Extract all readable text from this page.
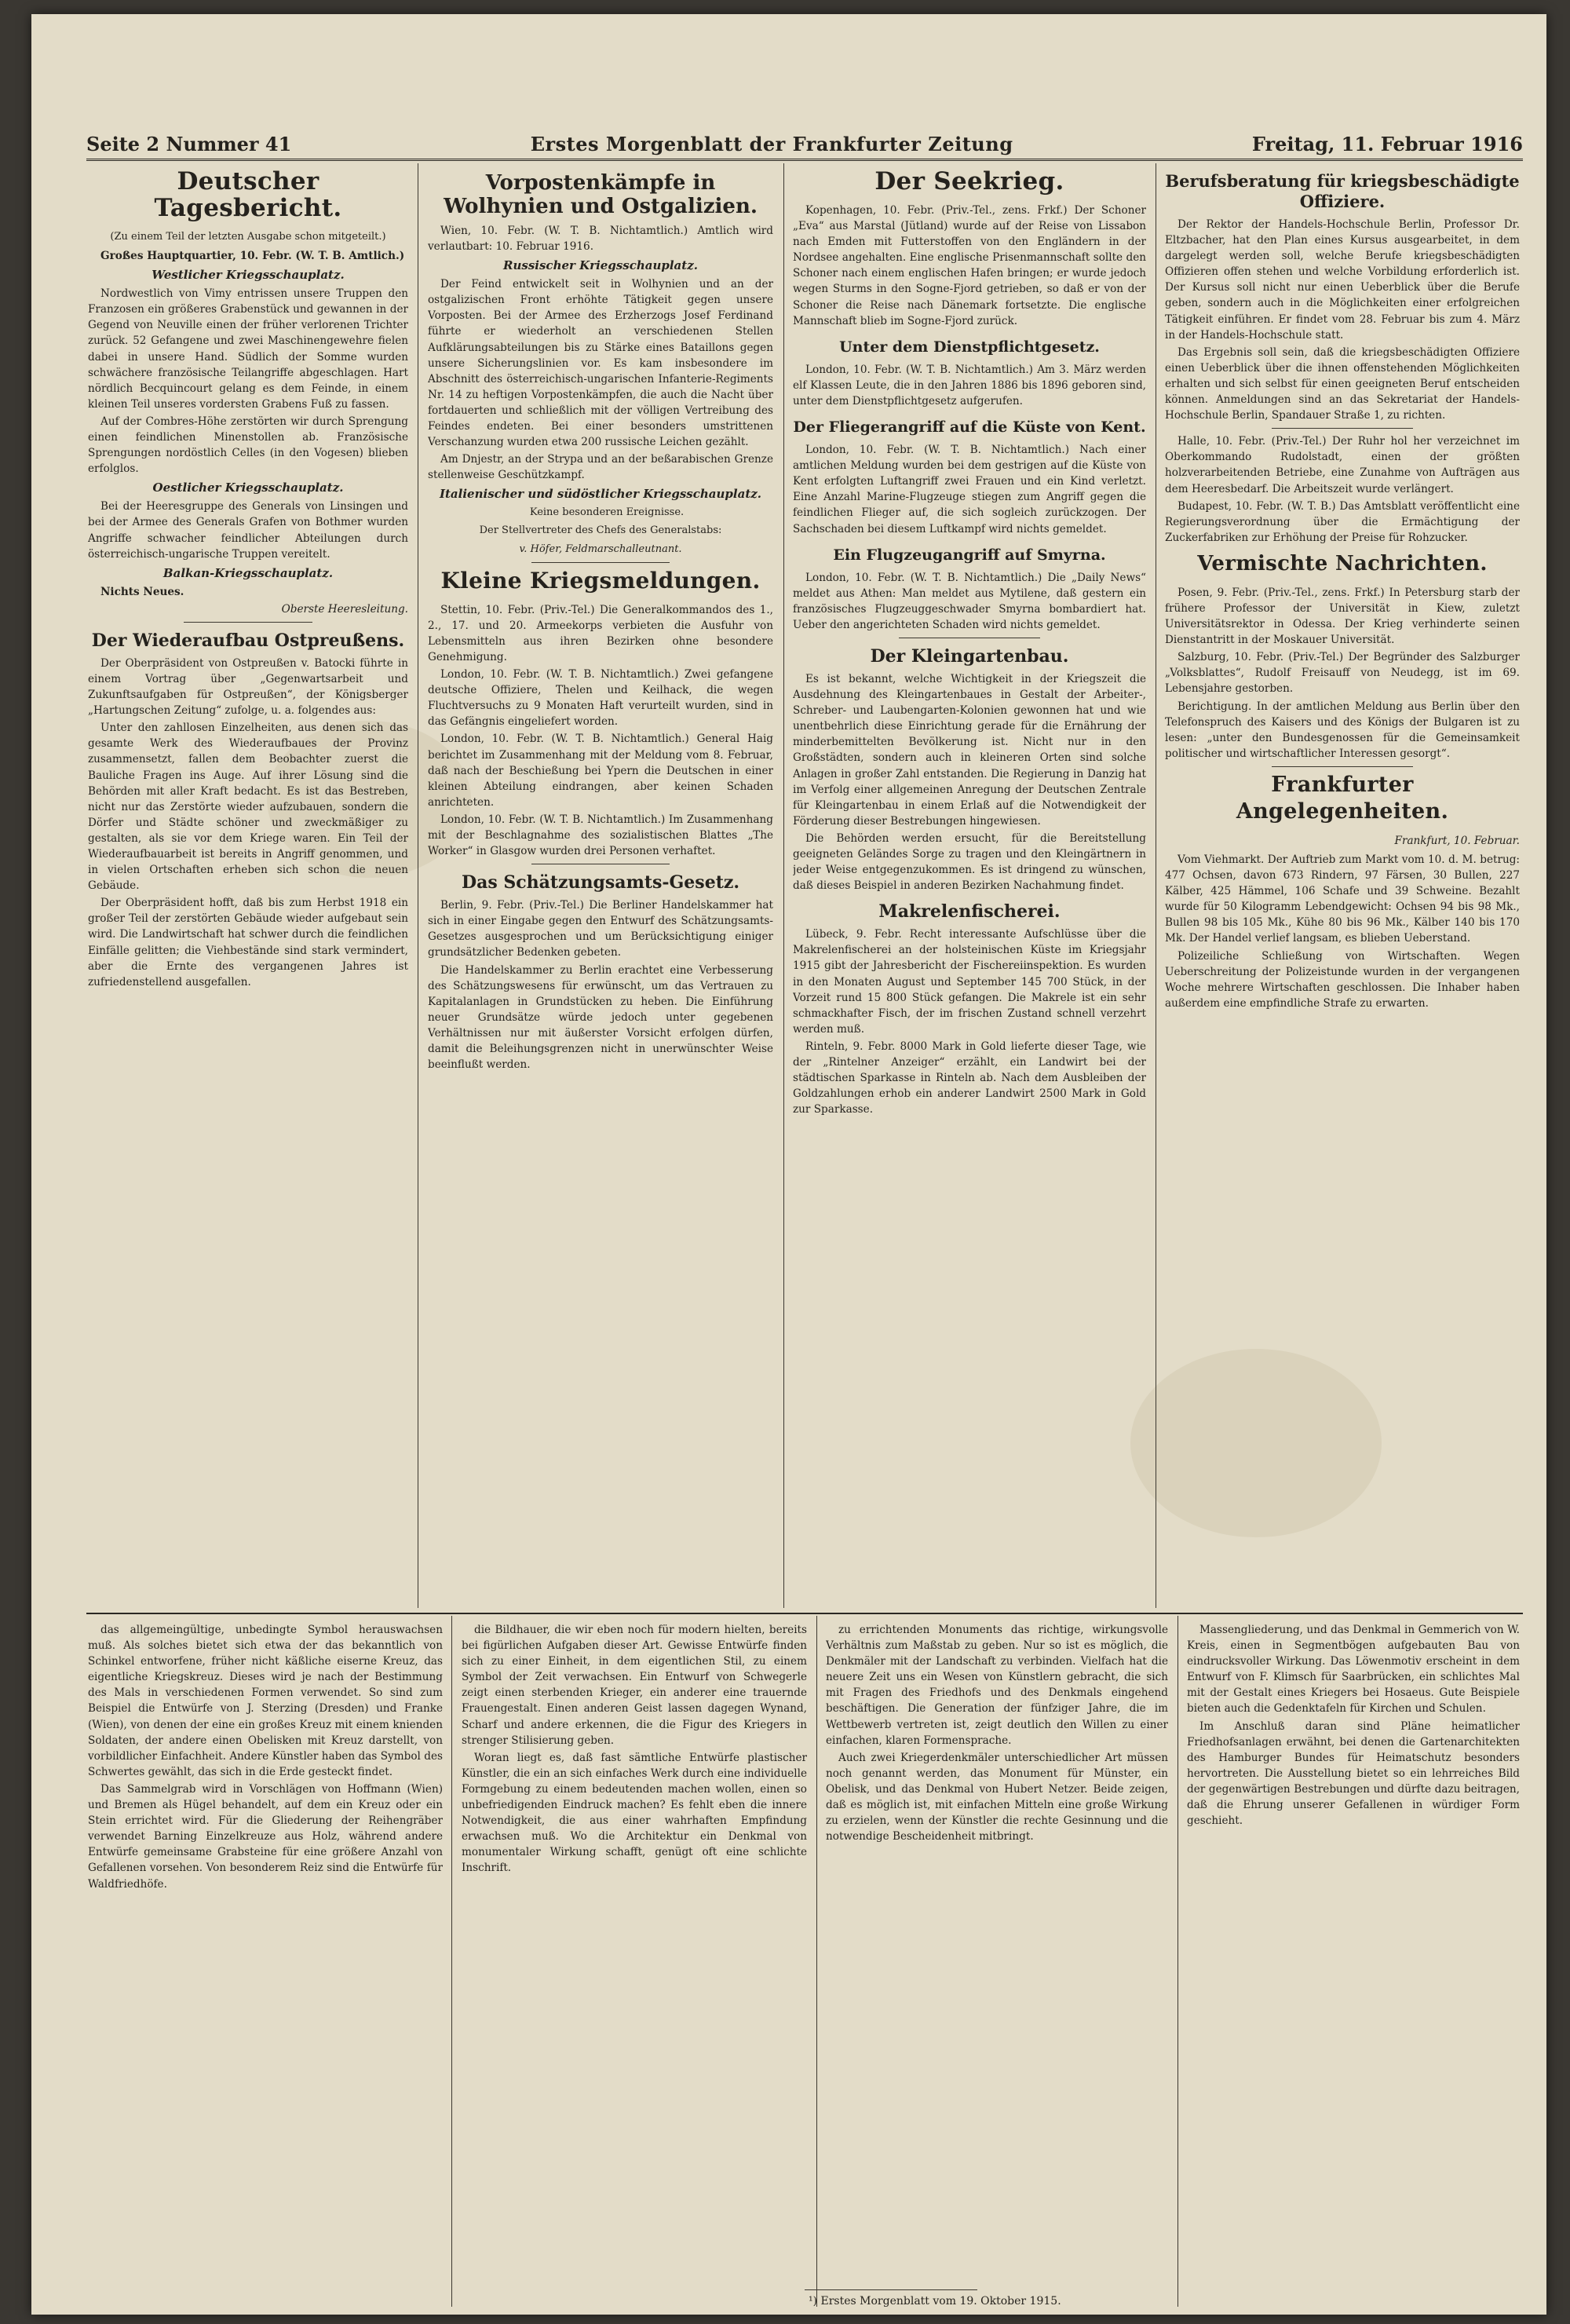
Seite 2 Nummer 41	Erstes Morgenblatt der Frankfurter Zeitung	Freitag, 11. Februar 1916
Deutscher Tagesbericht.
(Zu einem Teil der letzten Ausgabe schon mitgeteilt.)

Großes Hauptquartier, 10. Febr. (W. T. B. Amtlich.)

Westlicher Kriegsschauplatz.

Nordwestlich von Vimy entrissen unsere Truppen den Franzosen ein größeres Grabenstück und gewannen in der Gegend von Neuville einen der früher verlorenen Trichter zurück. 52 Gefangene und zwei Maschinengewehre fielen dabei in unsere Hand. Südlich der Somme wurden schwächere französische Teilangriffe abgeschlagen. Hart nördlich Becquincourt gelang es dem Feinde, in einem kleinen Teil unseres vordersten Grabens Fuß zu fassen.

Auf der Combres-Höhe zerstörten wir durch Sprengung einen feindlichen Minenstollen ab. Französische Sprengungen nordöstlich Celles (in den Vogesen) blieben erfolglos.

Oestlicher Kriegsschauplatz.

Bei der Heeresgruppe des Generals von Linsingen und bei der Armee des Generals Grafen von Bothmer wurden Angriffe schwacher feindlicher Abteilungen durch österreichisch-ungarische Truppen vereitelt.

Balkan-Kriegsschauplatz.

Nichts Neues.

Oberste Heeresleitung.
Der Wiederaufbau Ostpreußens.

Der Oberpräsident von Ostpreußen v. Batocki führte in einem Vortrag über „Gegenwartsarbeit und Zukunftsaufgaben für Ostpreußen“, der Königsberger „Hartungschen Zeitung“ zufolge, u. a. folgendes aus:

Unter den zahllosen Einzelheiten, aus denen sich das gesamte Werk des Wiederaufbaues der Provinz zusammensetzt, fallen dem Beobachter zuerst die Bauliche Fragen ins Auge. Auf ihrer Lösung sind die Behörden mit aller Kraft bedacht. Es ist das Bestreben, nicht nur das Zerstörte wieder aufzubauen, sondern die Dörfer und Städte schöner und zweckmäßiger zu gestalten, als sie vor dem Kriege waren. Ein Teil der Wiederaufbauarbeit ist bereits in Angriff genommen, und in vielen Ortschaften erheben sich schon die neuen Gebäude.

Der Oberpräsident hofft, daß bis zum Herbst 1918 ein großer Teil der zerstörten Gebäude wieder aufgebaut sein wird. Die Landwirtschaft hat schwer durch die feindlichen Einfälle gelitten; die Viehbestände sind stark vermindert, aber die Ernte des vergangenen Jahres ist zufriedenstellend ausgefallen.

Vorpostenkämpfe in Wolhynien und Ostgalizien.

Wien, 10. Febr. (W. T. B. Nichtamtlich.) Amtlich wird verlautbart: 10. Februar 1916.

Russischer Kriegsschauplatz.

Der Feind entwickelt seit in Wolhynien und an der ostgalizischen Front erhöhte Tätigkeit gegen unsere Vorposten. Bei der Armee des Erzherzogs Josef Ferdinand führte er wiederholt an verschiedenen Stellen Aufklärungsabteilungen bis zu Stärke eines Bataillons gegen unsere Sicherungslinien vor. Es kam insbesondere im Abschnitt des österreichisch-ungarischen Infanterie-Regiments Nr. 14 zu heftigen Vorpostenkämpfen, die auch die Nacht über fortdauerten und schließlich mit der völligen Vertreibung des Feindes endeten. Bei einer besonders umstrittenen Verschanzung wurden etwa 200 russische Leichen gezählt.

Am Dnjestr, an der Strypa und an der beßarabischen Grenze stellenweise Geschützkampf.

Italienischer und südöstlicher Kriegsschauplatz.

Keine besonderen Ereignisse.

Der Stellvertreter des Chefs des Generalstabs:
v. Höfer, Feldmarschalleutnant.
Kleine Kriegsmeldungen.

Stettin, 10. Febr. (Priv.-Tel.) Die Generalkommandos des 1., 2., 17. und 20. Armeekorps verbieten die Ausfuhr von Lebensmitteln aus ihren Bezirken ohne besondere Genehmigung.

London, 10. Febr. (W. T. B. Nichtamtlich.) Zwei gefangene deutsche Offiziere, Thelen und Keilhack, die wegen Fluchtversuchs zu 9 Monaten Haft verurteilt wurden, sind in das Gefängnis eingeliefert worden.

London, 10. Febr. (W. T. B. Nichtamtlich.) General Haig berichtet im Zusammenhang mit der Meldung vom 8. Februar, daß nach der Beschießung bei Ypern die Deutschen in einer kleinen Abteilung eindrangen, aber keinen Schaden anrichteten.

London, 10. Febr. (W. T. B. Nichtamtlich.) Im Zusammenhang mit der Beschlagnahme des sozialistischen Blattes „The Worker“ in Glasgow wurden drei Personen verhaftet.

Das Schätzungsamts-Gesetz.

Berlin, 9. Febr. (Priv.-Tel.) Die Berliner Handelskammer hat sich in einer Eingabe gegen den Entwurf des Schätzungsamts-Gesetzes ausgesprochen und um Berücksichtigung einiger grundsätzlicher Bedenken gebeten.

Die Handelskammer zu Berlin erachtet eine Verbesserung des Schätzungswesens für erwünscht, um das Vertrauen zu Kapitalanlagen in Grundstücken zu heben. Die Einführung neuer Grundsätze würde jedoch unter gegebenen Verhältnissen nur mit äußerster Vorsicht erfolgen dürfen, damit die Beleihungsgrenzen nicht in unerwünschter Weise beeinflußt werden.

Der Seekrieg.

Kopenhagen, 10. Febr. (Priv.-Tel., zens. Frkf.) Der Schoner „Eva“ aus Marstal (Jütland) wurde auf der Reise von Lissabon nach Emden mit Futterstoffen von den Engländern in der Nordsee angehalten. Eine englische Prisenmannschaft sollte den Schoner nach einem englischen Hafen bringen; er wurde jedoch wegen Sturms in den Sogne-Fjord getrieben, so daß er von der Schoner die Reise nach Dänemark fortsetzte. Die englische Mannschaft blieb im Sogne-Fjord zurück.

Unter dem Dienstpflichtgesetz.

London, 10. Febr. (W. T. B. Nichtamtlich.) Am 3. März werden elf Klassen Leute, die in den Jahren 1886 bis 1896 geboren sind, unter dem Dienstpflichtgesetz aufgerufen.

Der Fliegerangriff auf die Küste von Kent.

London, 10. Febr. (W. T. B. Nichtamtlich.) Nach einer amtlichen Meldung wurden bei dem gestrigen auf die Küste von Kent erfolgten Luftangriff zwei Frauen und ein Kind verletzt. Eine Anzahl Marine-Flugzeuge stiegen zum Angriff gegen die feindlichen Flieger auf, die sich sogleich zurückzogen. Der Sachschaden bei diesem Luftkampf wird nichts gemeldet.

Ein Flugzeugangriff auf Smyrna.

London, 10. Febr. (W. T. B. Nichtamtlich.) Die „Daily News“ meldet aus Athen: Man meldet aus Mytilene, daß gestern ein französisches Flugzeuggeschwader Smyrna bombardiert hat. Ueber den angerichteten Schaden wird nichts gemeldet.

Der Kleingartenbau.

Es ist bekannt, welche Wichtigkeit in der Kriegszeit die Ausdehnung des Kleingartenbaues in Gestalt der Arbeiter-, Schreber- und Laubengarten-Kolonien gewonnen hat und wie unentbehrlich diese Einrichtung gerade für die Ernährung der minderbemittelten Bevölkerung ist. Nicht nur in den Großstädten, sondern auch in kleineren Orten sind solche Anlagen in großer Zahl entstanden. Die Regierung in Danzig hat im Verfolg einer allgemeinen Anregung der Deutschen Zentrale für Kleingartenbau in einem Erlaß auf die Notwendigkeit der Förderung dieser Bestrebungen hingewiesen.

Die Behörden werden ersucht, für die Bereitstellung geeigneten Geländes Sorge zu tragen und den Kleingärtnern in jeder Weise entgegenzukommen. Es ist dringend zu wünschen, daß dieses Beispiel in anderen Bezirken Nachahmung findet.

Makrelenfischerei.

Lübeck, 9. Febr. Recht interessante Aufschlüsse über die Makrelenfischerei an der holsteinischen Küste im Kriegsjahr 1915 gibt der Jahresbericht der Fischereiinspektion. Es wurden in den Monaten August und September 145 700 Stück, in der Vorzeit rund 15 800 Stück gefangen. Die Makrele ist ein sehr schmackhafter Fisch, der im frischen Zustand schnell verzehrt werden muß.

Rinteln, 9. Febr. 8000 Mark in Gold lieferte dieser Tage, wie der „Rintelner Anzeiger“ erzählt, ein Landwirt bei der städtischen Sparkasse in Rinteln ab. Nach dem Ausbleiben der Goldzahlungen erhob ein anderer Landwirt 2500 Mark in Gold zur Sparkasse.

Berufsberatung für kriegsbeschädigte Offiziere.

Der Rektor der Handels-Hochschule Berlin, Professor Dr. Eltzbacher, hat den Plan eines Kursus ausgearbeitet, in dem dargelegt werden soll, welche Berufe kriegsbeschädigten Offizieren offen stehen und welche Vorbildung erforderlich ist. Der Kursus soll nicht nur einen Ueberblick über die Berufe geben, sondern auch in die Möglichkeiten einer erfolgreichen Tätigkeit einführen. Er findet vom 28. Februar bis zum 4. März in der Handels-Hochschule statt.

Das Ergebnis soll sein, daß die kriegsbeschädigten Offiziere einen Ueberblick über die ihnen offenstehenden Möglichkeiten erhalten und sich selbst für einen geeigneten Beruf entscheiden können. Anmeldungen sind an das Sekretariat der Handels-Hochschule Berlin, Spandauer Straße 1, zu richten.

Halle, 10. Febr. (Priv.-Tel.) Der Ruhr hol her verzeichnet im Oberkommando Rudolstadt, einen der größten holzverarbeitenden Betriebe, eine Zunahme von Aufträgen aus dem Heeresbedarf. Die Arbeitszeit wurde verlängert.

Budapest, 10. Febr. (W. T. B.) Das Amtsblatt veröffentlicht eine Regierungsverordnung über die Ermächtigung der Zuckerfabriken zur Erhöhung der Preise für Rohzucker.

Vermischte Nachrichten.

Posen, 9. Febr. (Priv.-Tel., zens. Frkf.) In Petersburg starb der frühere Professor der Universität in Kiew, zuletzt Universitätsrektor in Odessa. Der Krieg verhinderte seinen Dienstantritt in der Moskauer Universität.

Salzburg, 10. Febr. (Priv.-Tel.) Der Begründer des Salzburger „Volksblattes“, Rudolf Freisauff von Neudegg, ist im 69. Lebensjahre gestorben.

Berichtigung. In der amtlichen Meldung aus Berlin über den Telefonspruch des Kaisers und des Königs der Bulgaren ist zu lesen: „unter den Bundesgenossen für die Gemeinsamkeit politischer und wirtschaftlicher Interessen gesorgt“.

Frankfurter Angelegenheiten.
Frankfurt, 10. Februar.

Vom Viehmarkt. Der Auftrieb zum Markt vom 10. d. M. betrug: 477 Ochsen, davon 673 Rindern, 97 Färsen, 30 Bullen, 227 Kälber, 425 Hämmel, 106 Schafe und 39 Schweine. Bezahlt wurde für 50 Kilogramm Lebendgewicht: Ochsen 94 bis 98 Mk., Bullen 98 bis 105 Mk., Kühe 80 bis 96 Mk., Kälber 140 bis 170 Mk. Der Handel verlief langsam, es blieben Ueberstand.

Polizeiliche Schließung von Wirtschaften. Wegen Ueberschreitung der Polizeistunde wurden in der vergangenen Woche mehrere Wirtschaften geschlossen. Die Inhaber haben außerdem eine empfindliche Strafe zu erwarten.

das allgemeingültige, unbedingte Symbol herauswachsen muß. Als solches bietet sich etwa der das bekanntlich von Schinkel entworfene, früher nicht käßliche eiserne Kreuz, das eigentliche Kriegskreuz. Dieses wird je nach der Bestimmung des Mals in verschiedenen Formen verwendet. So sind zum Beispiel die Entwürfe von J. Sterzing (Dresden) und Franke (Wien), von denen der eine ein großes Kreuz mit einem knienden Soldaten, der andere einen Obelisken mit Kreuz darstellt, von vorbildlicher Einfachheit. Andere Künstler haben das Symbol des Schwertes gewählt, das sich in die Erde gesteckt findet.

Das Sammelgrab wird in Vorschlägen von Hoffmann (Wien) und Bremen als Hügel behandelt, auf dem ein Kreuz oder ein Stein errichtet wird. Für die Gliederung der Reihengräber verwendet Barning Einzelkreuze aus Holz, während andere Entwürfe gemeinsame Grabsteine für eine größere Anzahl von Gefallenen vorsehen. Von besonderem Reiz sind die Entwürfe für Waldfriedhöfe.

die Bildhauer, die wir eben noch für modern hielten, bereits bei figürlichen Aufgaben dieser Art. Gewisse Entwürfe finden sich zu einer Einheit, in dem eigentlichen Stil, zu einem Symbol der Zeit verwachsen. Ein Entwurf von Schwegerle zeigt einen sterbenden Krieger, ein anderer eine trauernde Frauengestalt. Einen anderen Geist lassen dagegen Wynand, Scharf und andere erkennen, die die Figur des Kriegers in strenger Stilisierung geben.

Woran liegt es, daß fast sämtliche Entwürfe plastischer Künstler, die ein an sich einfaches Werk durch eine individuelle Formgebung zu einem bedeutenden machen wollen, einen so unbefriedigenden Eindruck machen? Es fehlt eben die innere Notwendigkeit, die aus einer wahrhaften Empfindung erwachsen muß. Wo die Architektur ein Denkmal von monumentaler Wirkung schafft, genügt oft eine schlichte Inschrift.

zu errichtenden Monuments das richtige, wirkungsvolle Verhältnis zum Maßstab zu geben. Nur so ist es möglich, die Denkmäler mit der Landschaft zu verbinden. Vielfach hat die neuere Zeit uns ein Wesen von Künstlern gebracht, die sich mit Fragen des Friedhofs und des Denkmals eingehend beschäftigen. Die Generation der fünfziger Jahre, die im Wettbewerb vertreten ist, zeigt deutlich den Willen zu einer einfachen, klaren Formensprache.

Auch zwei Kriegerdenkmäler unterschiedlicher Art müssen noch genannt werden, das Monument für Münster, ein Obelisk, und das Denkmal von Hubert Netzer. Beide zeigen, daß es möglich ist, mit einfachen Mitteln eine große Wirkung zu erzielen, wenn der Künstler die rechte Gesinnung und die notwendige Bescheidenheit mitbringt.

Massengliederung, und das Denkmal in Gemmerich von W. Kreis, einen in Segmentbögen aufgebauten Bau von eindrucksvoller Wirkung. Das Löwenmotiv erscheint in dem Entwurf von F. Klimsch für Saarbrücken, ein schlichtes Mal mit der Gestalt eines Kriegers bei Hosaeus. Gute Beispiele bieten auch die Gedenktafeln für Kirchen und Schulen.

Im Anschluß daran sind Pläne heimatlicher Friedhofsanlagen erwähnt, bei denen die Gartenarchitekten des Hamburger Bundes für Heimatschutz besonders hervortreten. Die Ausstellung bietet so ein lehrreiches Bild der gegenwärtigen Bestrebungen und dürfte dazu beitragen, daß die Ehrung unserer Gefallenen in würdiger Form geschieht.

¹) Erstes Morgenblatt vom 19. Oktober 1915.
